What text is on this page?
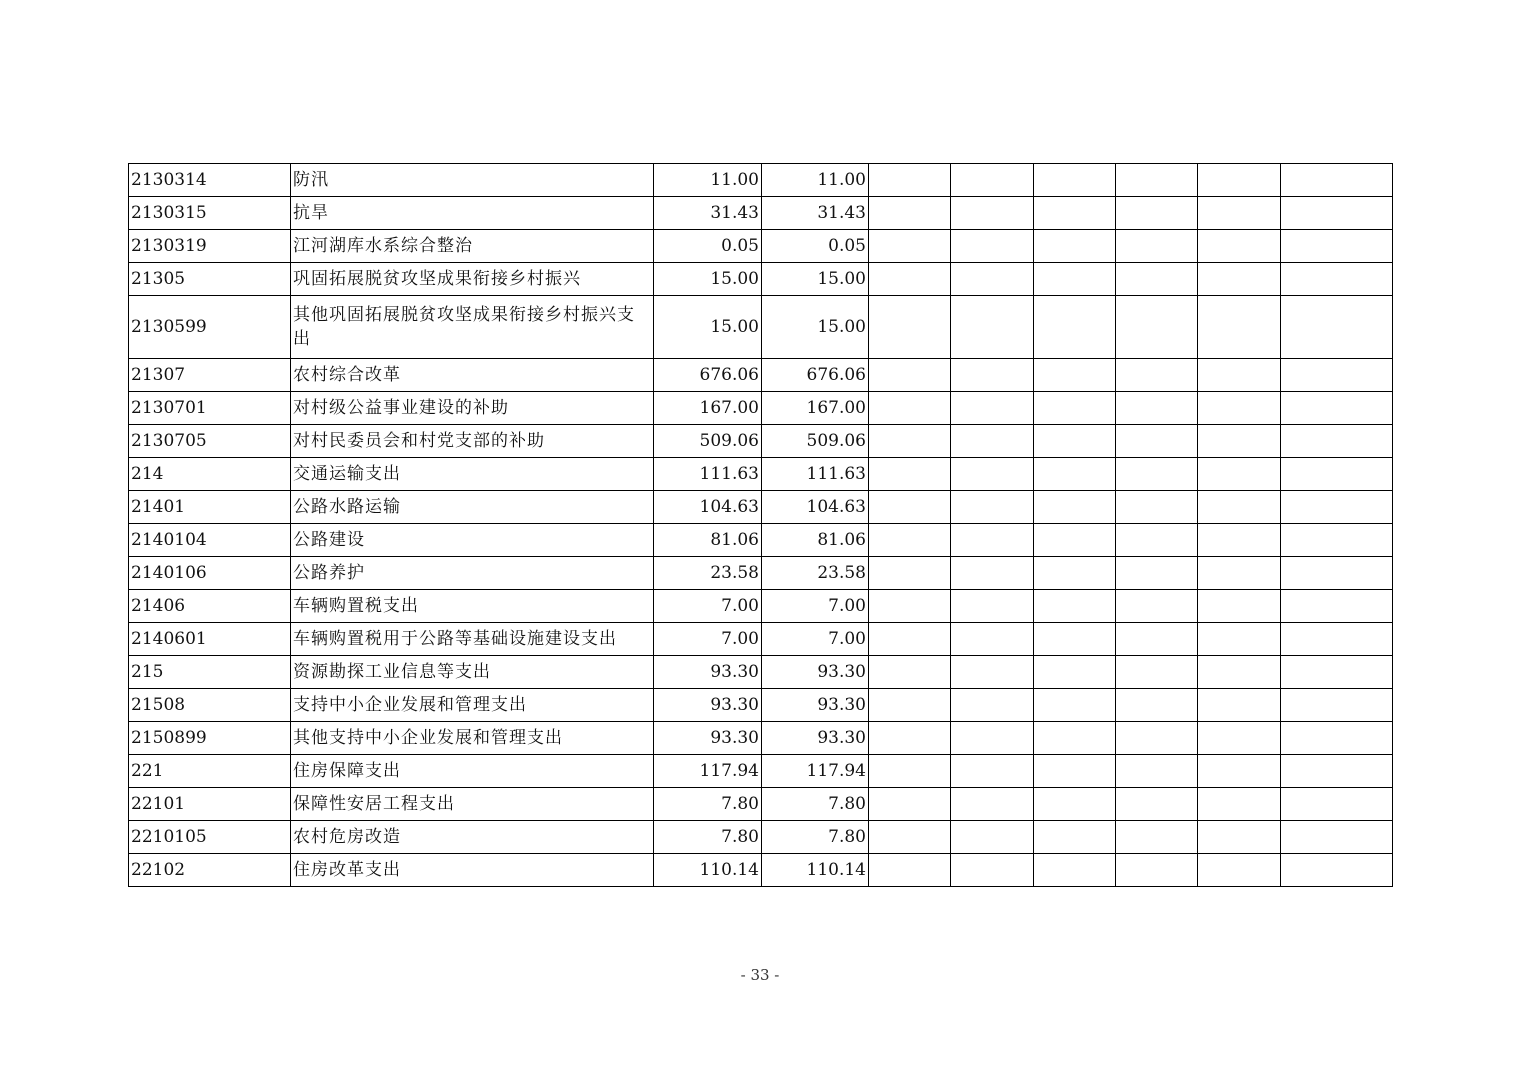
2130314	防汛	11.00	11.00						
2130315	抗旱	31.43	31.43						
2130319	江河湖库水系综合整治	0.05	0.05						
21305	巩固拓展脱贫攻坚成果衔接乡村振兴	15.00	15.00						
2130599	其他巩固拓展脱贫攻坚成果衔接乡村振兴支出	15.00	15.00						
21307	农村综合改革	676.06	676.06						
2130701	对村级公益事业建设的补助	167.00	167.00						
2130705	对村民委员会和村党支部的补助	509.06	509.06						
214	交通运输支出	111.63	111.63						
21401	公路水路运输	104.63	104.63						
2140104	公路建设	81.06	81.06						
2140106	公路养护	23.58	23.58						
21406	车辆购置税支出	7.00	7.00						
2140601	车辆购置税用于公路等基础设施建设支出	7.00	7.00						
215	资源勘探工业信息等支出	93.30	93.30						
21508	支持中小企业发展和管理支出	93.30	93.30						
2150899	其他支持中小企业发展和管理支出	93.30	93.30						
221	住房保障支出	117.94	117.94						
22101	保障性安居工程支出	7.80	7.80						
2210105	农村危房改造	7.80	7.80						
22102	住房改革支出	110.14	110.14						
- 33 -
